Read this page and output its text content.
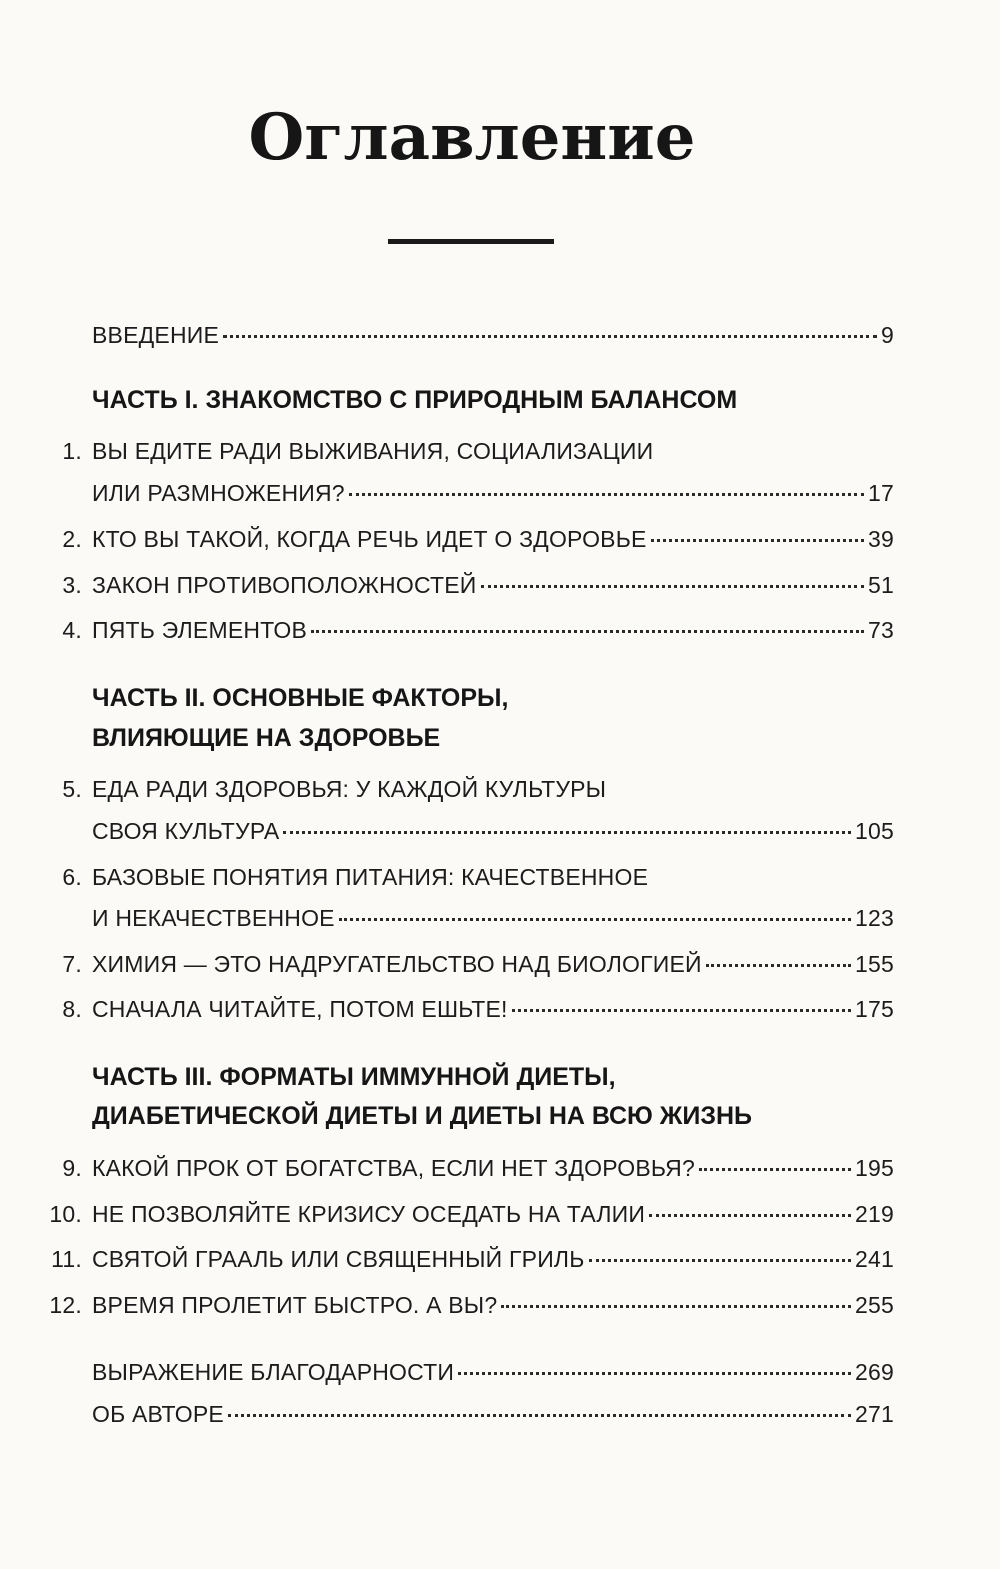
Оглавление
ВВЕДЕНИЕ	9
ЧАСТЬ I. ЗНАКОМСТВО С ПРИРОДНЫМ БАЛАНСОМ
1. ВЫ ЕДИТЕ РАДИ ВЫЖИВАНИЯ, СОЦИАЛИЗАЦИИ
ИЛИ РАЗМНОЖЕНИЯ?	17
2. КТО ВЫ ТАКОЙ, КОГДА РЕЧЬ ИДЕТ О ЗДОРОВЬЕ	39
3. ЗАКОН ПРОТИВОПОЛОЖНОСТЕЙ	51
4. ПЯТЬ ЭЛЕМЕНТОВ	73
ЧАСТЬ II. ОСНОВНЫЕ ФАКТОРЫ,
ВЛИЯЮЩИЕ НА ЗДОРОВЬЕ
5. ЕДА РАДИ ЗДОРОВЬЯ: У КАЖДОЙ КУЛЬТУРЫ
СВОЯ КУЛЬТУРА	105
6. БАЗОВЫЕ ПОНЯТИЯ ПИТАНИЯ: КАЧЕСТВЕННОЕ
И НЕКАЧЕСТВЕННОЕ	123
7. ХИМИЯ — ЭТО НАДРУГАТЕЛЬСТВО НАД БИОЛОГИЕЙ	155
8. СНАЧАЛА ЧИТАЙТЕ, ПОТОМ ЕШЬТЕ!	175
ЧАСТЬ III. ФОРМАТЫ ИММУННОЙ ДИЕТЫ,
ДИАБЕТИЧЕСКОЙ ДИЕТЫ И ДИЕТЫ НА ВСЮ ЖИЗНЬ
9. КАКОЙ ПРОК ОТ БОГАТСТВА, ЕСЛИ НЕТ ЗДОРОВЬЯ?	195
10. НЕ ПОЗВОЛЯЙТЕ КРИЗИСУ ОСЕДАТЬ НА ТАЛИИ	219
11. СВЯТОЙ ГРААЛЬ ИЛИ СВЯЩЕННЫЙ ГРИЛЬ	241
12. ВРЕМЯ ПРОЛЕТИТ БЫСТРО. А ВЫ?	255
ВЫРАЖЕНИЕ БЛАГОДАРНОСТИ	269
ОБ АВТОРЕ	271
